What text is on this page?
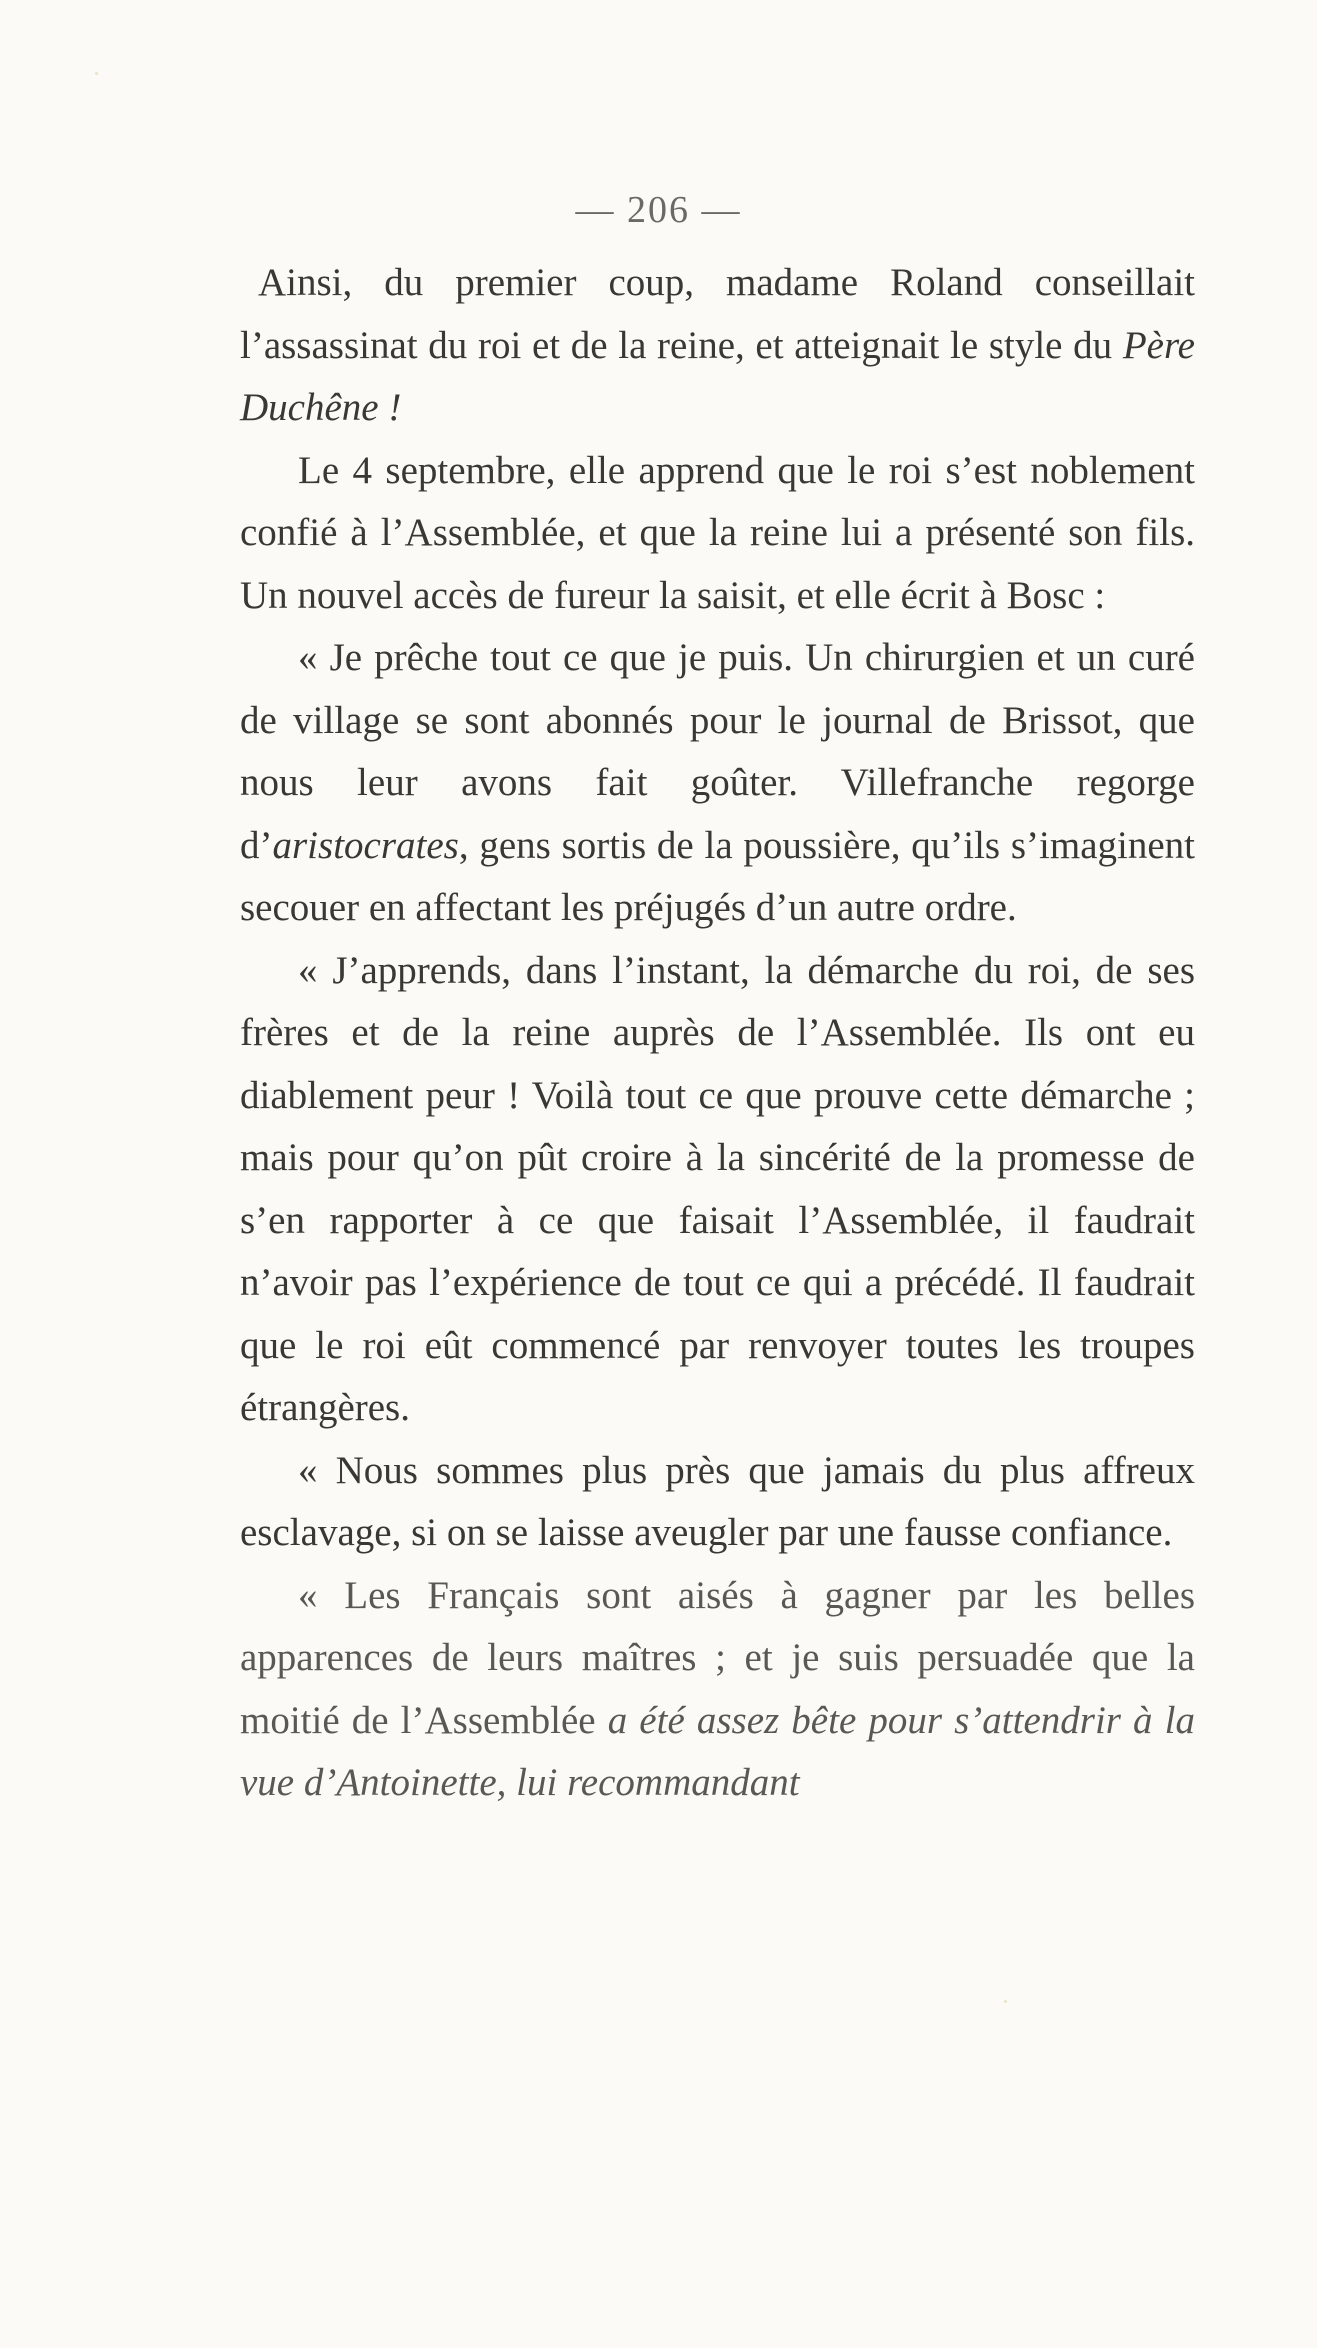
— 206 —

Ainsi, du premier coup, madame Roland conseillait l’assassinat du roi et de la reine, et atteignait le style du Père Duchêne !

Le 4 septembre, elle apprend que le roi s’est noblement confié à l’Assemblée, et que la reine lui a présenté son fils. Un nouvel accès de fureur la saisit, et elle écrit à Bosc :

« Je prêche tout ce que je puis. Un chirurgien et un curé de village se sont abonnés pour le journal de Brissot, que nous leur avons fait goûter. Villefranche regorge d’aristocrates, gens sortis de la poussière, qu’ils s’imaginent secouer en affectant les préjugés d’un autre ordre.

« J’apprends, dans l’instant, la démarche du roi, de ses frères et de la reine auprès de l’Assemblée. Ils ont eu diablement peur ! Voilà tout ce que prouve cette démarche ; mais pour qu’on pût croire à la sincérité de la promesse de s’en rapporter à ce que faisait l’Assemblée, il faudrait n’avoir pas l’expérience de tout ce qui a précédé. Il faudrait que le roi eût commencé par renvoyer toutes les troupes étrangères.

« Nous sommes plus près que jamais du plus affreux esclavage, si on se laisse aveugler par une fausse confiance.

« Les Français sont aisés à gagner par les belles apparences de leurs maîtres ; et je suis persuadée que la moitié de l’Assemblée a été assez bête pour s’attendrir à la vue d’Antoinette, lui recommandant
